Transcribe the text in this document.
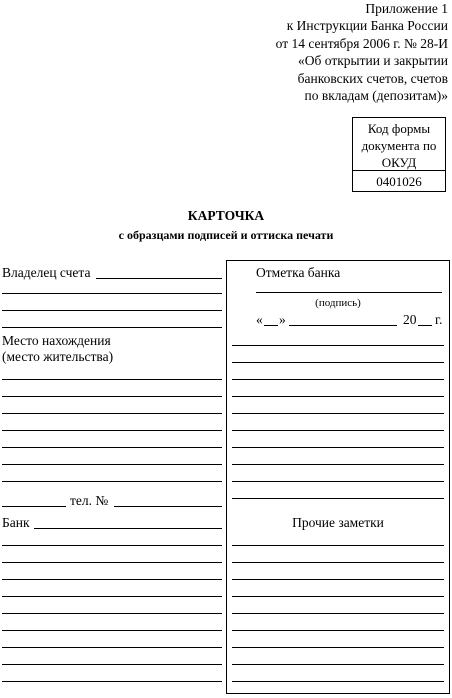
Приложение 1
к Инструкции Банка России
от 14 сентября 2006 г. № 28-И
«Об открытии и закрытии
банковских счетов, счетов
по вкладам (депозитам)»
Код формы
документа по
ОКУД
0401026
КАРТОЧКА
с образцами подписей и оттиска печати
Владелец счета
Место нахождения
(место жительства)
тел. №
Банк
Отметка банка
(подпись)
« »	20 г.
Прочие заметки
